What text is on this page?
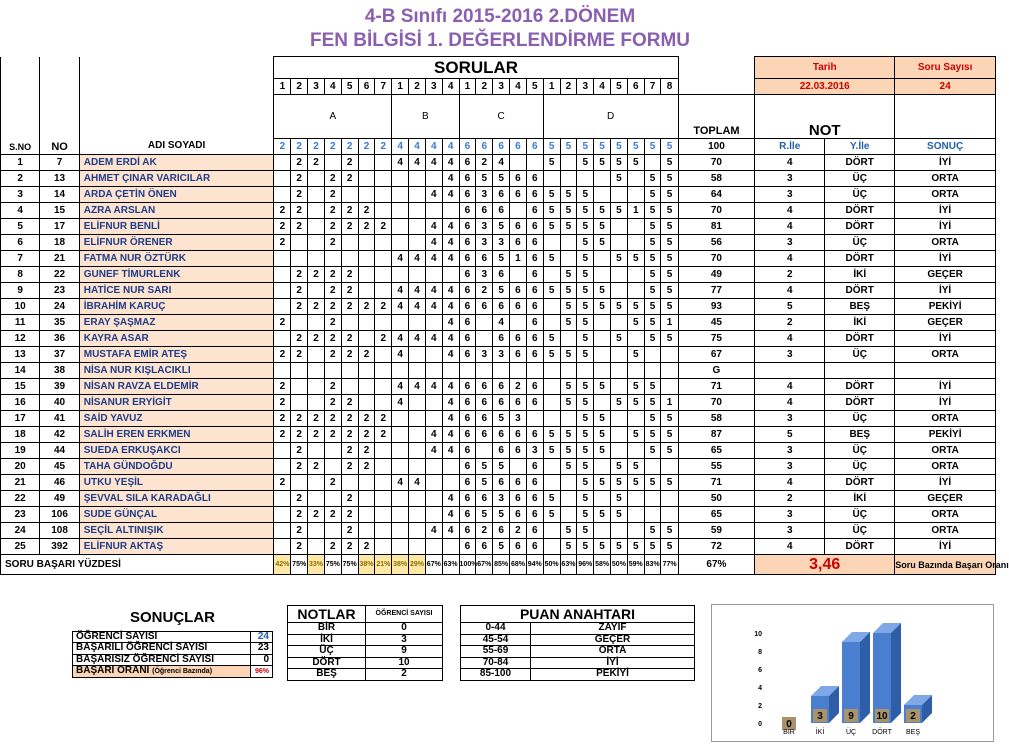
4-B Sınıfı 2015-2016 2.DÖNEM
FEN BİLGİSİ 1. DEĞERLENDİRME FORMU
			SORULAR																									Tarih		Soru Sayısı
			1	2	3	4	5	6	7	1	2	3	4	1	2	3	4	5	1	2	3	4	5	6	7	8		22.03.2016		24
			A							B				C					D								TOPLAM	NOT		
S.NO	NO	ADI SOYADI	2	2	2	2	2	2	2	4	4	4	4	6	6	6	6	6	5	5	5	5	5	5	5	5	100	R.İle	Y.İle	SONUÇ
1	7	ADEM ERDİ AK		2	2		2			4	4	4	4	6	2	4			5		5	5	5	5		5	70	4	DÖRT	İYİ
2	13	AHMET ÇINAR VARICILAR		2		2	2						4	6	5	5	6	6					5		5	5	58	3	ÜÇ	ORTA
3	14	ARDA ÇETİN ÖNEN		2		2						4	4	6	3	6	6	6	5	5	5				5	5	64	3	ÜÇ	ORTA
4	15	AZRA ARSLAN	2	2		2	2	2						6	6	6		6	5	5	5	5	5	1	5	5	70	4	DÖRT	İYİ
5	17	ELİFNUR BENLİ	2	2		2	2	2	2			4	4	6	3	5	6	6	5	5	5	5			5	5	81	4	DÖRT	İYİ
6	18	ELİFNUR ÖRENER	2			2						4	4	6	3	3	6	6			5	5			5	5	56	3	ÜÇ	ORTA
7	21	FATMA NUR ÖZTÜRK								4	4	4	4	6	6	5	1	6	5		5		5	5	5	5	70	4	DÖRT	İYİ
8	22	GUNEF TİMURLENK		2	2	2	2							6	3	6		6		5	5				5	5	49	2	İKİ	GEÇER
9	23	HATİCE NUR SARI		2		2	2			4	4	4	4	6	2	5	6	6	5	5	5	5			5	5	77	4	DÖRT	İYİ
10	24	İBRAHİM KARUÇ		2	2	2	2	2	2	4	4	4	4	6	6	6	6	6		5	5	5	5	5	5	5	93	5	BEŞ	PEKİYİ
11	35	ERAY ŞAŞMAZ	2			2							4	6		4		6		5	5			5	5	1	45	2	İKİ	GEÇER
12	36	KAYRA ASAR		2	2	2	2		2	4	4	4	4	6		6	6	6	5		5		5		5	5	75	4	DÖRT	İYİ
13	37	MUSTAFA EMİR ATEŞ	2	2		2	2	2		4			4	6	3	3	6	6	5	5	5			5			67	3	ÜÇ	ORTA
14	38	NİSA NUR KIŞLACIKLI																									G			
15	39	NİSAN RAVZA ELDEMİR	2			2				4	4	4	4	6	6	6	2	6		5	5	5		5	5		71	4	DÖRT	İYİ
16	40	NİSANUR ERYİGİT	2			2	2			4			4	6	6	6	6	6		5	5		5	5	5	1	70	4	DÖRT	İYİ
17	41	SAİD YAVUZ	2	2	2	2	2	2	2				4	6	6	5	3				5	5			5	5	58	3	ÜÇ	ORTA
18	42	SALİH EREN ERKMEN	2	2	2	2	2	2	2			4	4	6	6	6	6	6	5	5	5	5		5	5	5	87	5	BEŞ	PEKİYİ
19	44	SUEDA ERKUŞAKCI		2			2	2				4	4	6		6	6	3	5	5	5	5			5	5	65	3	ÜÇ	ORTA
20	45	TAHA GÜNDOĞDU		2	2		2	2						6	5	5		6		5	5		5	5			55	3	ÜÇ	ORTA
21	46	UTKU YEŞİL	2			2				4	4			6	5	6	6	6			5	5	5	5	5	5	71	4	DÖRT	İYİ
22	49	ŞEVVAL SILA KARADAĞLI		2			2						4	6	6	3	6	6	5		5		5				50	2	İKİ	GEÇER
23	106	SUDE GÜNÇAL		2	2	2	2						4	6	5	5	6	6	5		5	5	5				65	3	ÜÇ	ORTA
24	108	SEÇİL ALTINIŞIK		2			2					4	4	6	2	6	2	6		5	5				5	5	59	3	ÜÇ	ORTA
25	392	ELİFNUR AKTAŞ		2		2	2	2						6	6	5	6	6		5	5	5	5	5	5	5	72	4	DÖRT	İYİ
SORU BAŞARI YÜZDESİ			42%	75%	33%	75%	75%	38%	21%	38%	29%	67%	63%	100%	67%	85%	68%	94%	50%	63%	96%	58%	50%	59%	83%	77%	67%	3,46		Soru Bazında Başarı Oranı
SONUÇLAR	
ÖĞRENCİ SAYISI	24
BAŞARILI ÖĞRENCİ SAYISI	23
BAŞARISIZ ÖĞRENCİ SAYISI	0
BAŞARI ORANI (Öğrenci Bazında)	96%
NOTLAR	ÖĞRENCİ SAYISI
BİR	0
İKİ	3
ÜÇ	9
DÖRT	10
BEŞ	2
PUAN ANAHTARI	
0-44	ZAYIF
45-54	GEÇER
55-69	ORTA
70-84	İYİ
85-100	PEKİYİ
0
2
4
6
8
10
0
BİR
3
İKİ
9
ÜÇ
10
DÖRT
2
BEŞ
